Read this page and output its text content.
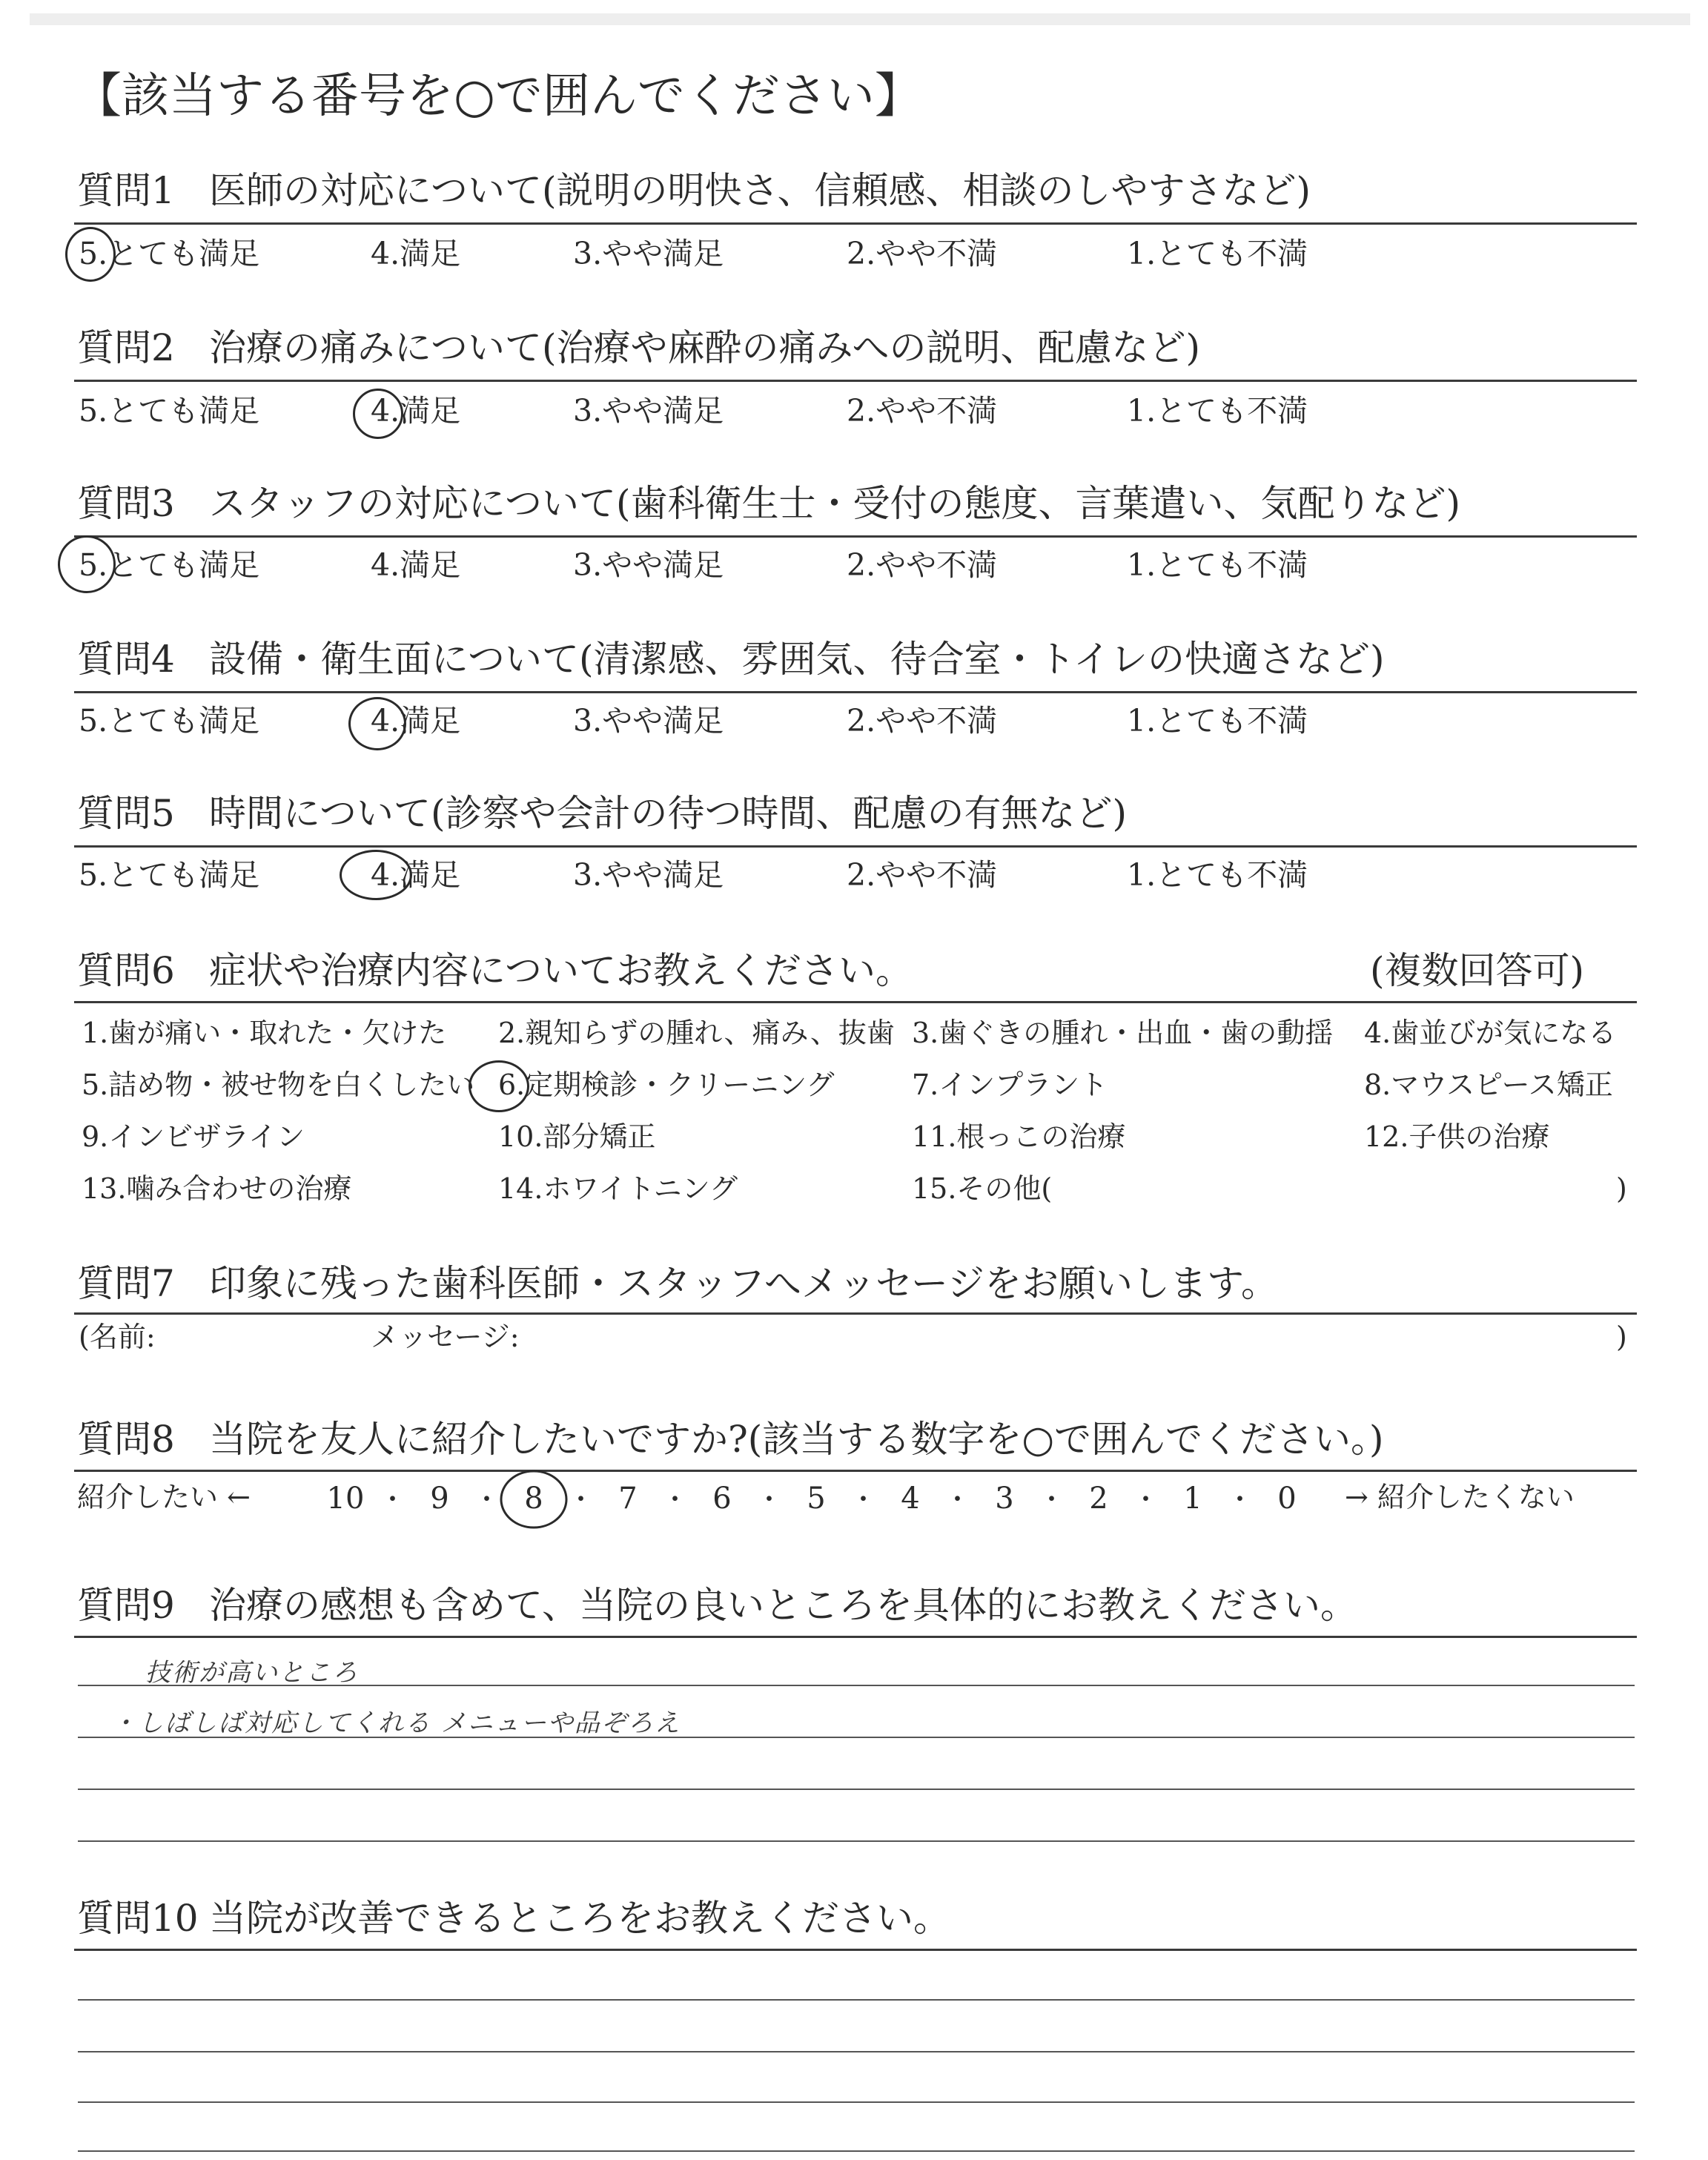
【該当する番号を○で囲んでください】
質問1 医師の対応について(説明の明快さ、信頼感、相談のしやすさなど)
5.とても満足	4.満足	3.やや満足	2.やや不満	1.とても不満
質問2 治療の痛みについて(治療や麻酔の痛みへの説明、配慮など)
5.とても満足	4.満足	3.やや満足	2.やや不満	1.とても不満
質問3 スタッフの対応について(歯科衛生士・受付の態度、言葉遣い、気配りなど)
5.とても満足	4.満足	3.やや満足	2.やや不満	1.とても不満
質問4 設備・衛生面について(清潔感、雰囲気、待合室・トイレの快適さなど)
5.とても満足	4.満足	3.やや満足	2.やや不満	1.とても不満
質問5 時間について(診察や会計の待つ時間、配慮の有無など)
5.とても満足	4.満足	3.やや満足	2.やや不満	1.とても不満
質問6 症状や治療内容についてお教えください。	(複数回答可)
1.歯が痛い・取れた・欠けた 2.親知らずの腫れ、痛み、抜歯 3.歯ぐきの腫れ・出血・歯の動揺 4.歯並びが気になる
5.詰め物・被せ物を白くしたい 6.定期検診・クリーニング	7.インプラント	8.マウスピース矯正
9.インビザライン	10.部分矯正	11.根っこの治療	12.子供の治療
13.噛み合わせの治療	14.ホワイトニング	15.その他(	)
質問7 印象に残った歯科医師・スタッフへメッセージをお願いします。
(名前:	メッセージ:	)
質問8 当院を友人に紹介したいですか?(該当する数字を○で囲んでください。)
紹介したい ←	→ 紹介したくない
10 ・ 9 ・ 8 ・ 7 ・ 6 ・ 5 ・ 4 ・ 3 ・ 2 ・ 1 ・ 0
質問9 治療の感想も含めて、当院の良いところを具体的にお教えください。
技術が高いところ
・しばしば対応してくれる メニューや品ぞろえ
質問10 当院が改善できるところをお教えください。
